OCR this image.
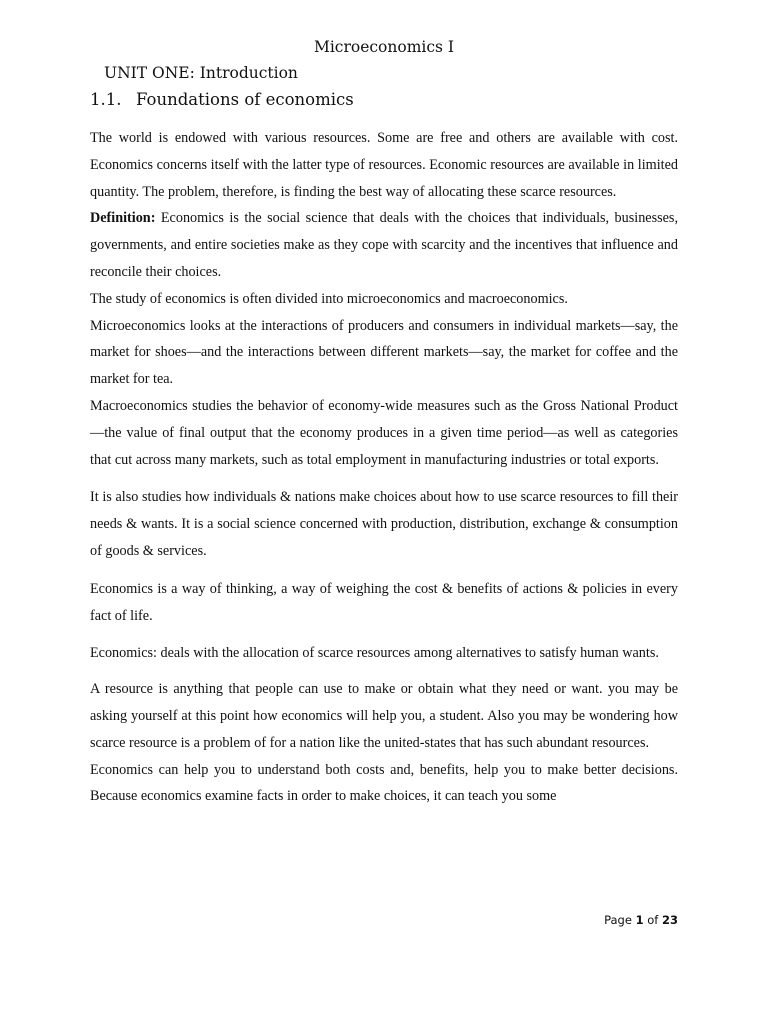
Microeconomics I
UNIT ONE: Introduction
1.1. Foundations of economics

The world is endowed with various resources. Some are free and others are available with cost. Economics concerns itself with the latter type of resources. Economic resources are available in limited quantity. The problem, therefore, is finding the best way of allocating these scarce resources.

Definition: Economics is the social science that deals with the choices that individuals, businesses, governments, and entire societies make as they cope with scarcity and the incentives that influence and reconcile their choices.

The study of economics is often divided into microeconomics and macroeconomics.

Microeconomics looks at the interactions of producers and consumers in individual markets—say, the market for shoes—and the interactions between different markets—say, the market for coffee and the market for tea.

Macroeconomics studies the behavior of economy-wide measures such as the Gross National Product—the value of final output that the economy produces in a given time period—as well as categories that cut across many markets, such as total employment in manufacturing industries or total exports.

It is also studies how individuals & nations make choices about how to use scarce resources to fill their needs & wants. It is a social science concerned with production, distribution, exchange & consumption of goods & services.

Economics is a way of thinking, a way of weighing the cost & benefits of actions & policies in every fact of life.

Economics: deals with the allocation of scarce resources among alternatives to satisfy human wants.

A resource is anything that people can use to make or obtain what they need or want. you may be asking yourself at this point how economics will help you, a student. Also you may be wondering how scarce resource is a problem of for a nation like the united-states that has such abundant resources.

Economics can help you to understand both costs and, benefits, help you to make better decisions. Because economics examine facts in order to make choices, it can teach you some

Page 1 of 23
